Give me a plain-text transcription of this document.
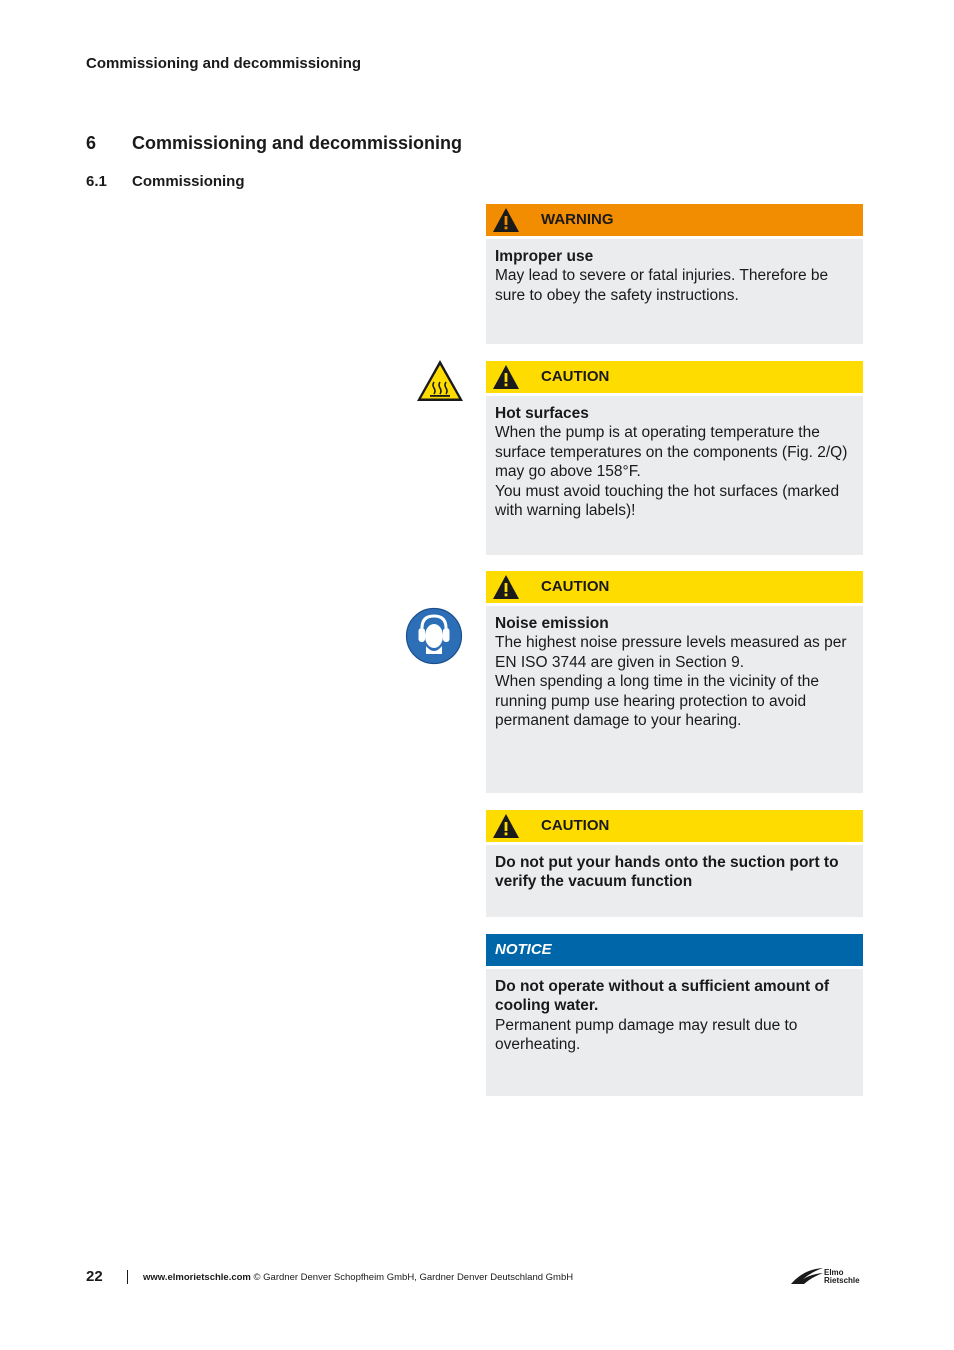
Commissioning and decommissioning
6 Commissioning and decommissioning
6.1 Commissioning
WARNING

Improper use

May lead to severe or fatal injuries. Therefore be sure to obey the safety instructions.

CAUTION

Hot surfaces

When the pump is at operating temperature the surface temperatures on the components (Fig. 2/Q) may go above 158°F.

You must avoid touching the hot surfaces (marked with warning labels)!

CAUTION

Noise emission

The highest noise pressure levels measured as per EN ISO 3744 are given in Section 9.

When spending a long time in the vicinity of the running pump use hearing protection to avoid permanent damage to your hearing.

CAUTION

Do not put your hands onto the suction port to verify the vacuum function

NOTICE

Do not operate without a sufficient amount of cooling water.

Permanent pump damage may result due to overheating.

22	www.elmorietschle.com © Gardner Denver Schopfheim GmbH, Gardner Denver Deutschland GmbH	Elmo
Rietschle
